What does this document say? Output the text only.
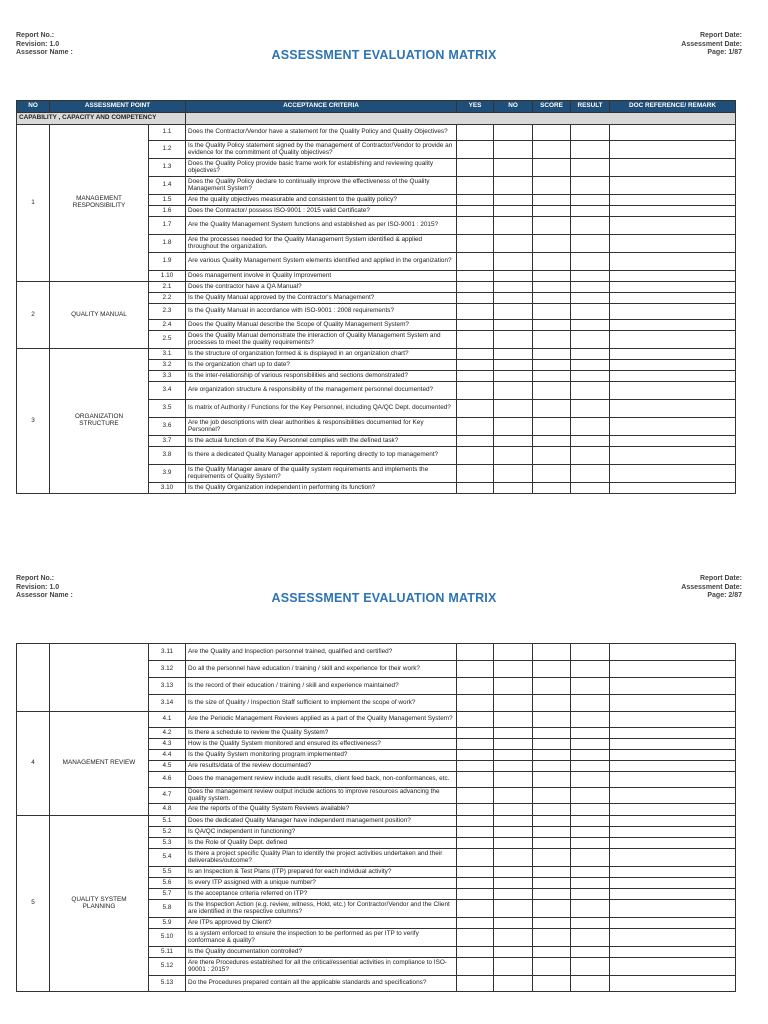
Report No.:
Revision: 1.0
Assessor Name :	ASSESSMENT EVALUATION MATRIX
Report Date:
Assessment Date:
Page: 1/87
NO	ASSESSMENT POINT		ACCEPTANCE CRITERIA	YES	NO	SCORE	RESULT	DOC REFERENCE/ REMARK
CAPABILITY , CAPACITY AND COMPETENCY								
1	MANAGEMENT RESPONSIBILITY	1.1	Does the Contractor/Vendor have a statement for the Quality Policy and Quality Objectives?					
		1.2	Is the Quality Policy statement signed by the management of Contractor/Vendor to provide an evidence for the commitment of Quality objectives?					
		1.3	Does the Quality Policy provide basic frame work for establishing and reviewing quality objectives?					
		1.4	Does the Quality Policy declare to continually improve the effectiveness of the Quality Management System?					
		1.5	Are the quality objectives measurable and consistent to the quality policy?					
		1.6	Does the Contractor/ possess ISO-9001 : 2015 valid Certificate?					
		1.7	Are the Quality Management System functions and established as per ISO-9001 : 2015?					
		1.8	Are the processes needed for the Quality Management System identified & applied throughout the organization.					
		1.9	Are various Quality Management System elements identified and applied in the organization?					
		1.10	Does management involve in Quality Improvement					
2	QUALITY MANUAL	2.1	Does the contractor have a QA Manual?					
		2.2	Is the Quality Manual approved by the Contractor's Management?					
		2.3	Is the Quality Manual in accordance with ISO-9001 : 2008 requirements?					
		2.4	Does the Quality Manual describe the Scope of Quality Management System?					
		2.5	Does the Quality Manual demonstrate the interaction of Quality Management System and processes to meet the quality requirements?					
3	ORGANIZATION STRUCTURE	3.1	Is the structure of organization formed & is displayed in an organization chart?					
		3.2	Is the organization chart up to date?					
		3.3	Is the inter-relationship of various responsibilities and sections demonstrated?					
		3.4	Are organization structure & responsibility of the management personnel documented?					
		3.5	Is matrix of Authority / Functions for the Key Personnel, including QA/QC Dept. documented?					
		3.6	Are the job descriptions with clear authorities & responsibilities documented for Key Personnel?					
		3.7	Is the actual function of the Key Personnel complies with the defined task?					
		3.8	Is there a dedicated Quality Manager appointed & reporting directly to top management?					
		3.9	Is the Quality Manager aware of the quality system requirements and implements the requirements of Quality System?					
		3.10	Is the Quality Organization independent in performing its function?					
Report No.:
Revision: 1.0
Assessor Name :	ASSESSMENT EVALUATION MATRIX
Report Date:
Assessment Date:
Page: 2/87
		3.11	Are the Quality and Inspection personnel trained, qualified and certified?					
		3.12	Do all the personnel have education / training / skill and experience for their work?					
		3.13	Is the record of their education / training / skill and experience maintained?					
		3.14	Is the size of Quality / Inspection Staff sufficient to implement the scope of work?					
4	MANAGEMENT REVIEW	4.1	Are the Periodic Management Reviews applied as a part of the Quality Management System?					
		4.2	Is there a schedule to review the Quality System?					
		4.3	How is the Quality System monitored and ensured its effectiveness?					
		4.4	Is the Quality System monitoring program implemented?					
		4.5	Are results/data of the review documented?					
		4.6	Does the management review include audit results, client feed back, non-conformances, etc.					
		4.7	Does the management review output include actions to improve resources advancing the quality system.					
		4.8	Are the reports of the Quality System Reviews available?					
5	QUALITY SYSTEM PLANNING	5.1	Does the dedicated Quality Manager have independent management position?					
		5.2	Is QA/QC independent in functioning?					
		5.3	Is the Role of Quality Dept. defined					
		5.4	Is there a project specific Quality Plan to identify the project activities undertaken and their deliverables/outcome?					
		5.5	Is an Inspection & Test Plans (ITP) prepared for each individual activity?					
		5.6	Is every ITP assigned with a unique number?					
		5.7	Is the acceptance criteria referred on ITP?					
		5.8	Is the Inspection Action (e.g. review, witness, Hold, etc.) for Contractor/Vendor and the Client are identified in the respective columns?					
		5.9	Are ITPs approved by Client?					
		5.10	Is a system enforced to ensure the inspection to be performed as per ITP to verify conformance & quality?					
		5.11	Is the Quality documentation controlled?					
		5.12	Are there Procedures established for all the critical/essential activities in compliance to ISO-90001 : 2015?					
		5.13	Do the Procedures prepared contain all the applicable standards and specifications?					
